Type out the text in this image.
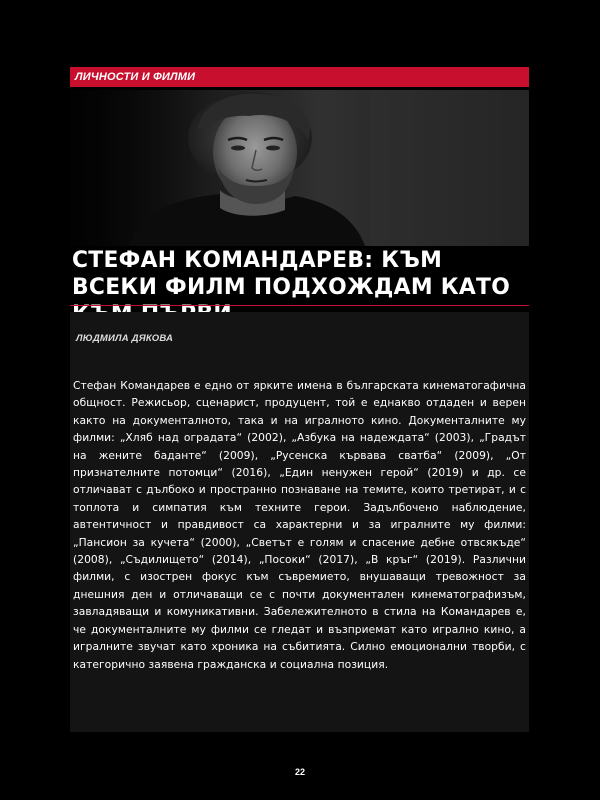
ЛИЧНОСТИ И ФИЛМИ
СТЕФАН КОМАНДАРЕВ: КЪМ ВСЕКИ ФИЛМ ПОДХОЖДАМ КАТО
ЛЮДМИЛА ДЯКОВА

Стефан Командарев е едно от ярките имена в българската кинематогафична общност. Режисьор, сценарист, продуцент, той е еднакво отдаден и верен както на документалното, така и на игралното кино. Документалните му филми: „Хляб над оградата“ (2002), „Азбука на надеждата“ (2003), „Градът на жените баданте“ (2009), „Русенска кървава сватба“ (2009), „От признателните потомци“ (2016), „Един ненужен герой“ (2019) и др. се отличават с дълбоко и пространно познаване на темите, които третират, и с топлота и симпатия към техните герои. Задълбочено наблюдение, автентичност и правдивост са характерни и за игралните му филми: „Пансион за кучета“ (2000), „Светът е голям и спасение дебне отвсякъде“ (2008), „Съдилището“ (2014), „Посоки“ (2017), „В кръг“ (2019). Различни филми, с изострен фокус към съвремието, внушаващи тревожност за днешния ден и отличаващи се с почти документален кинематографизъм, завладяващи и комуникативни. Забележителното в стила на Командарев е, че документалните му филми се гледат и възприемат като игрално кино, а игралните звучат като хроника на събитията. Силно емоционални творби, с категорично заявена гражданска и социална позиция.

22
